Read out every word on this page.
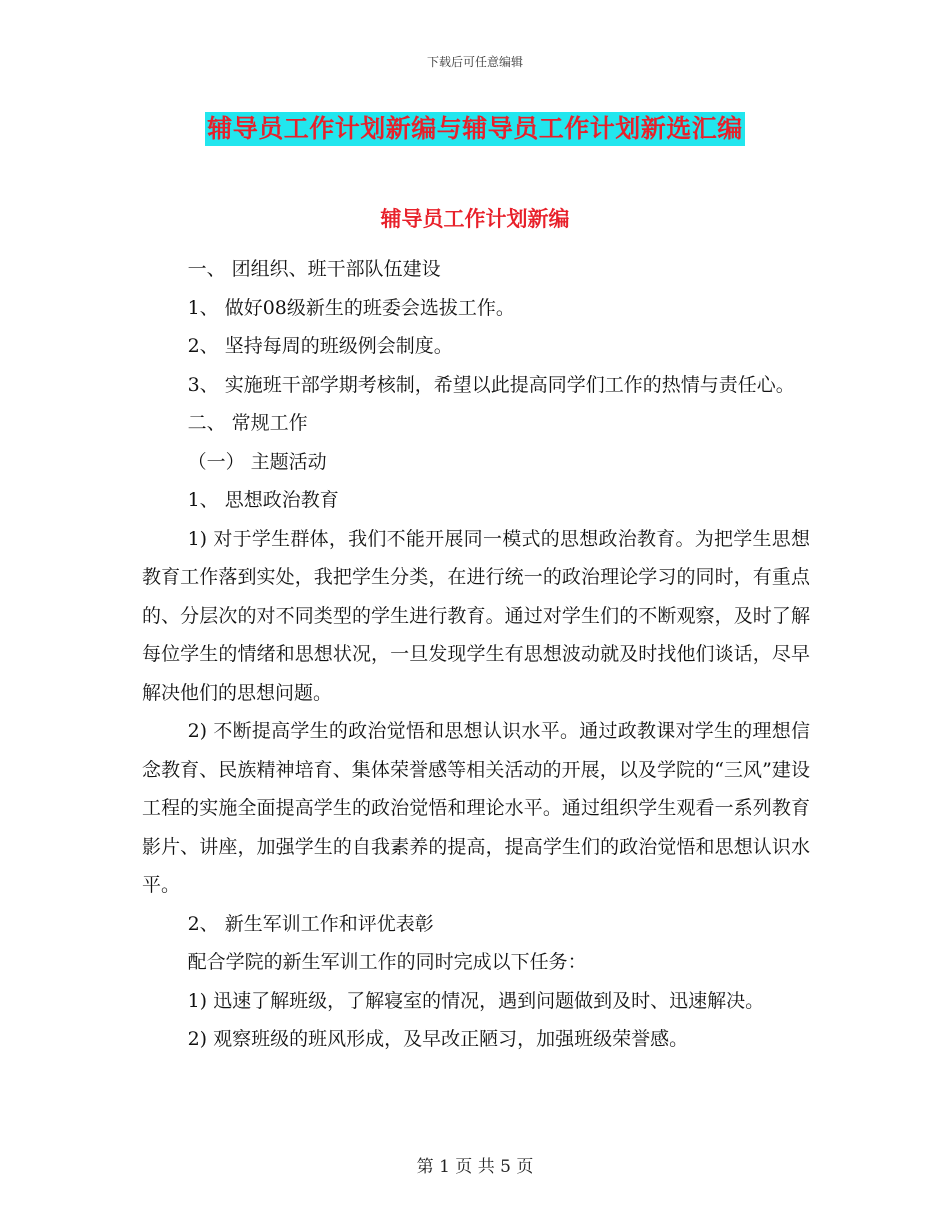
下载后可任意编辑
辅导员工作计划新编与辅导员工作计划新选汇编
辅导员工作计划新编

一、 团组织、班干部队伍建设

1、 做好08级新生的班委会选拔工作。

2、 坚持每周的班级例会制度。

3、 实施班干部学期考核制，希望以此提高同学们工作的热情与责任心。

二、 常规工作

（一） 主题活动

1、 思想政治教育

1) 对于学生群体，我们不能开展同一模式的思想政治教育。为把学生思想教育工作落到实处，我把学生分类，在进行统一的政治理论学习的同时，有重点的、分层次的对不同类型的学生进行教育。通过对学生们的不断观察，及时了解每位学生的情绪和思想状况，一旦发现学生有思想波动就及时找他们谈话，尽早解决他们的思想问题。

2) 不断提高学生的政治觉悟和思想认识水平。通过政教课对学生的理想信念教育、民族精神培育、集体荣誉感等相关活动的开展，以及学院的“三风”建设工程的实施全面提高学生的政治觉悟和理论水平。通过组织学生观看一系列教育影片、讲座，加强学生的自我素养的提高，提高学生们的政治觉悟和思想认识水平。

2、 新生军训工作和评优表彰

配合学院的新生军训工作的同时完成以下任务：

1) 迅速了解班级，了解寝室的情况，遇到问题做到及时、迅速解决。

2) 观察班级的班风形成，及早改正陋习，加强班级荣誉感。

第 1 页 共 5 页
